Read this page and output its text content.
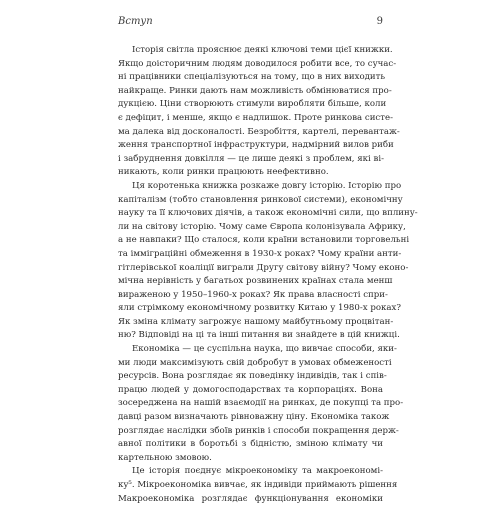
Вступ	9
Історія світла прояснює деякі ключові теми цієї книжки.
Якщо доісторичним людям доводилося робити все, то сучас-
ні працівники спеціалізуються на тому, що в них виходить
найкраще. Ринки дають нам можливість обмінюватися про-
дукцією. Ціни створюють стимули виробляти більше, коли
є дефіцит, і менше, якщо є надлишок. Проте ринкова систе-
ма далека від досконалості. Безробіття, картелі, перевантаж-
ження транспортної інфраструктури, надмірний вилов риби
і забруднення довкілля — це лише деякі з проблем, які ві-
никають, коли ринки працюють неефективно.
Ця коротенька книжка розкаже довгу історію. Історію про
капіталізм (тобто становлення ринкової системи), економічну
науку та її ключових діячів, а також економічні сили, що вплину-
ли на світову історію. Чому саме Європа колонізувала Африку,
а не навпаки? Що сталося, коли країни встановили торговельні
та імміграційні обмеження в 1930-х роках? Чому країни анти-
гітлерівської коаліції виграли Другу світову війну? Чому еконо-
мічна нерівність у багатьох розвинених країнах стала менш
вираженою у 1950–1960-х роках? Як права власності спри-
яли стрімкому економічному розвитку Китаю у 1980-х роках?
Як зміна клімату загрожує нашому майбутньому процвітан-
ню? Відповіді на ці та інші питання ви знайдете в цій книжці.
Економіка — це суспільна наука, що вивчає способи, яки-
ми люди максимізують свій добробут в умовах обмеженості
ресурсів. Вона розглядає як поведінку індивідів, так і спів-
працю людей у домогосподарствах та корпораціях. Вона
зосереджена на нашій взаємодії на ринках, де покупці та про-
давці разом визначають рівноважну ціну. Економіка також
розглядає наслідки збоїв ринків і способи покращення держ-
авної політики в боротьбі з бідністю, зміною клімату чи
картельною змовою.
Це історія поєднує мікроекономіку та макроекономі-
ку⁵. Мікроекономіка вивчає, як індивіди приймають рішення
Макроекономіка розглядає функціонування економіки
